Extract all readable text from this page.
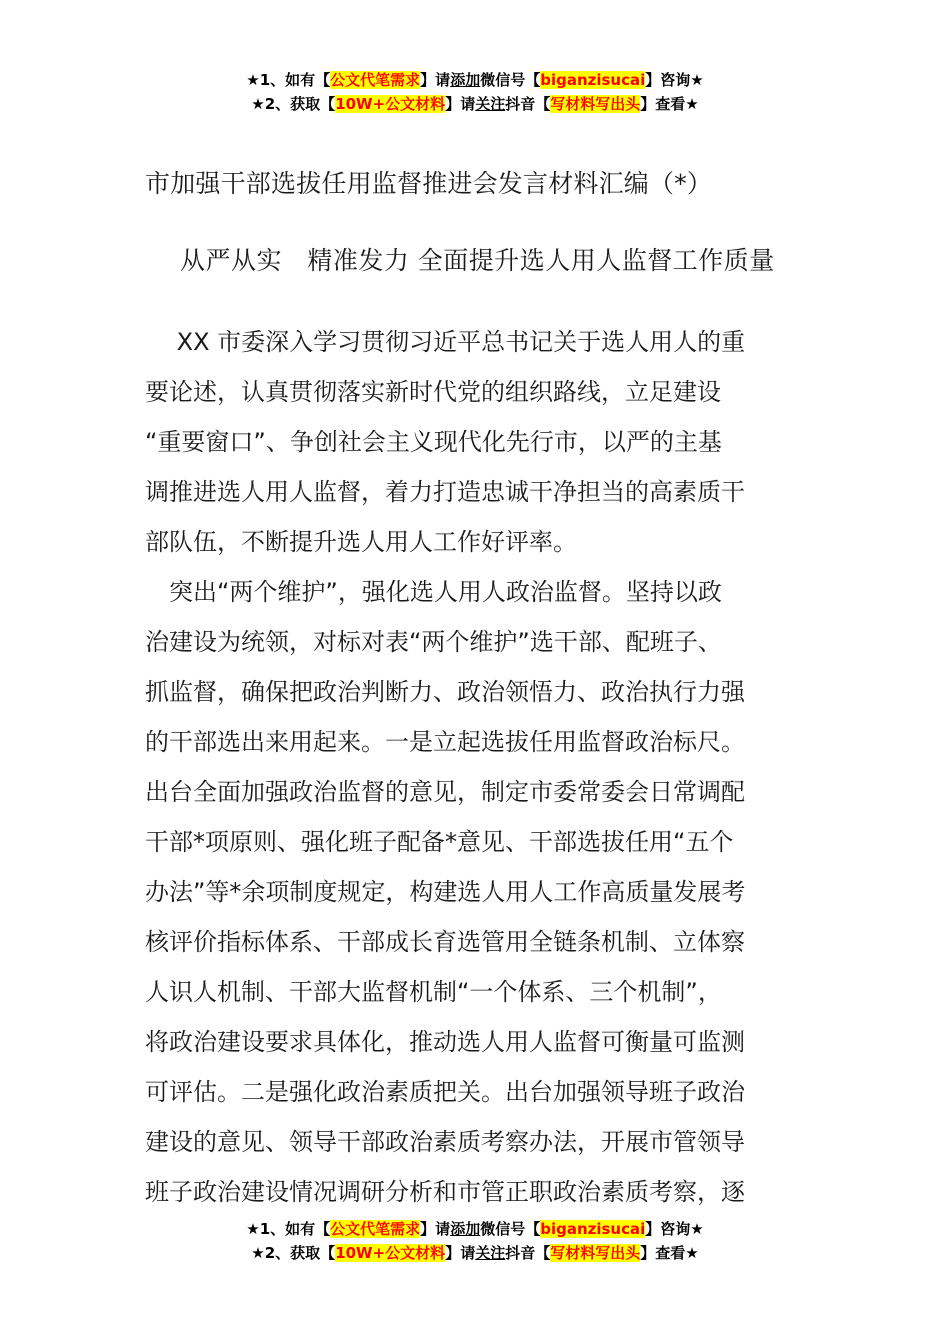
★1、如有【公文代笔需求】请添加微信号【biganzisucai】咨询★
★2、获取【10W+公文材料】请关注抖音【写材料写出头】查看★
市加强干部选拔任用监督推进会发言材料汇编（*）
从严从实   精准发力 全面提升选人用人监督工作质量
　 XX 市委深入学习贯彻习近平总书记关于选人用人的重
要论述，认真贯彻落实新时代党的组织路线，立足建设
“重要窗口”、争创社会主义现代化先行市，以严的主基
调推进选人用人监督，着力打造忠诚干净担当的高素质干
部队伍，不断提升选人用人工作好评率。
　突出“两个维护”，强化选人用人政治监督。坚持以政
治建设为统领，对标对表“两个维护”选干部、配班子、
抓监督，确保把政治判断力、政治领悟力、政治执行力强
的干部选出来用起来。一是立起选拔任用监督政治标尺。
出台全面加强政治监督的意见，制定市委常委会日常调配
干部*项原则、强化班子配备*意见、干部选拔任用“五个
办法”等*余项制度规定，构建选人用人工作高质量发展考
核评价指标体系、干部成长育选管用全链条机制、立体察
人识人机制、干部大监督机制“一个体系、三个机制”，
将政治建设要求具体化，推动选人用人监督可衡量可监测
可评估。二是强化政治素质把关。出台加强领导班子政治
建设的意见、领导干部政治素质考察办法，开展市管领导
班子政治建设情况调研分析和市管正职政治素质考察，逐
★1、如有【公文代笔需求】请添加微信号【biganzisucai】咨询★
★2、获取【10W+公文材料】请关注抖音【写材料写出头】查看★
